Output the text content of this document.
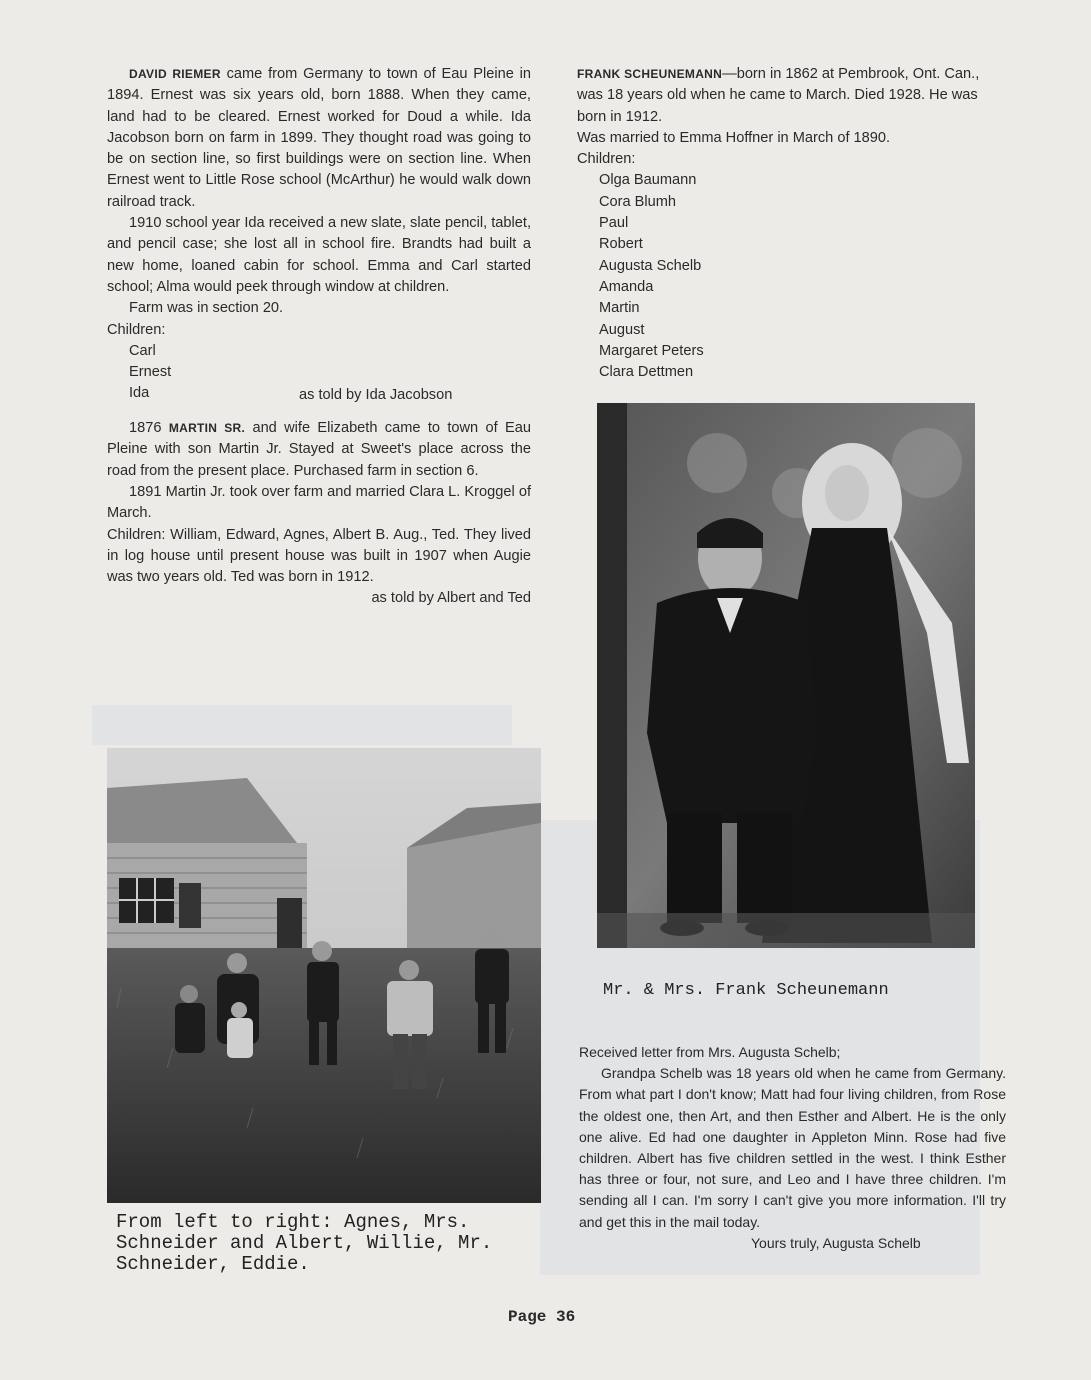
DAVID RIEMER came from Germany to town of Eau Pleine in 1894. Ernest was six years old, born 1888. When they came, land had to be cleared. Ernest worked for Doud a while. Ida Jacobson born on farm in 1899. They thought road was going to be on section line, so first buildings were on section line. When Ernest went to Little Rose school (McArthur) he would walk down railroad track.

1910 school year Ida received a new slate, slate pencil, tablet, and pencil case; she lost all in school fire. Brandts had built a new home, loaned cabin for school. Emma and Carl started school; Alma would peek through window at children.

Farm was in section 20.

Children:

Carl
Ernest
Ida	as told by Ida Jacobson

1876 MARTIN SR. and wife Elizabeth came to town of Eau Pleine with son Martin Jr. Stayed at Sweet's place across the road from the present place. Purchased farm in section 6.

1891 Martin Jr. took over farm and married Clara L. Kroggel of March.

Children: William, Edward, Agnes, Albert B. Aug., Ted. They lived in log house until present house was built in 1907 when Augie was two years old. Ted was born in 1912.

as told by Albert and Ted

From left to right: Agnes, Mrs. Schneider and Albert, Willie, Mr. Schneider, Eddie.

FRANK SCHEUNEMANN—born in 1862 at Pembrook, Ont. Can., was 18 years old when he came to March. Died 1928. He was born in 1912.

Was married to Emma Hoffner in March of 1890.

Children:

Olga Baumann
Cora Blumh
Paul
Robert
Augusta Schelb
Amanda
Martin
August
Margaret Peters
Clara Dettmen
Mr. & Mrs. Frank Scheunemann

Received letter from Mrs. Augusta Schelb;

Grandpa Schelb was 18 years old when he came from Germany. From what part I don't know; Matt had four living children, from Rose the oldest one, then Art, and then Esther and Albert. He is the only one alive. Ed had one daughter in Appleton Minn. Rose had five children. Albert has five children settled in the west. I think Esther has three or four, not sure, and Leo and I have three children. I'm sending all I can. I'm sorry I can't give you more information. I'll try and get this in the mail today.

Yours truly, Augusta Schelb

Page 36
